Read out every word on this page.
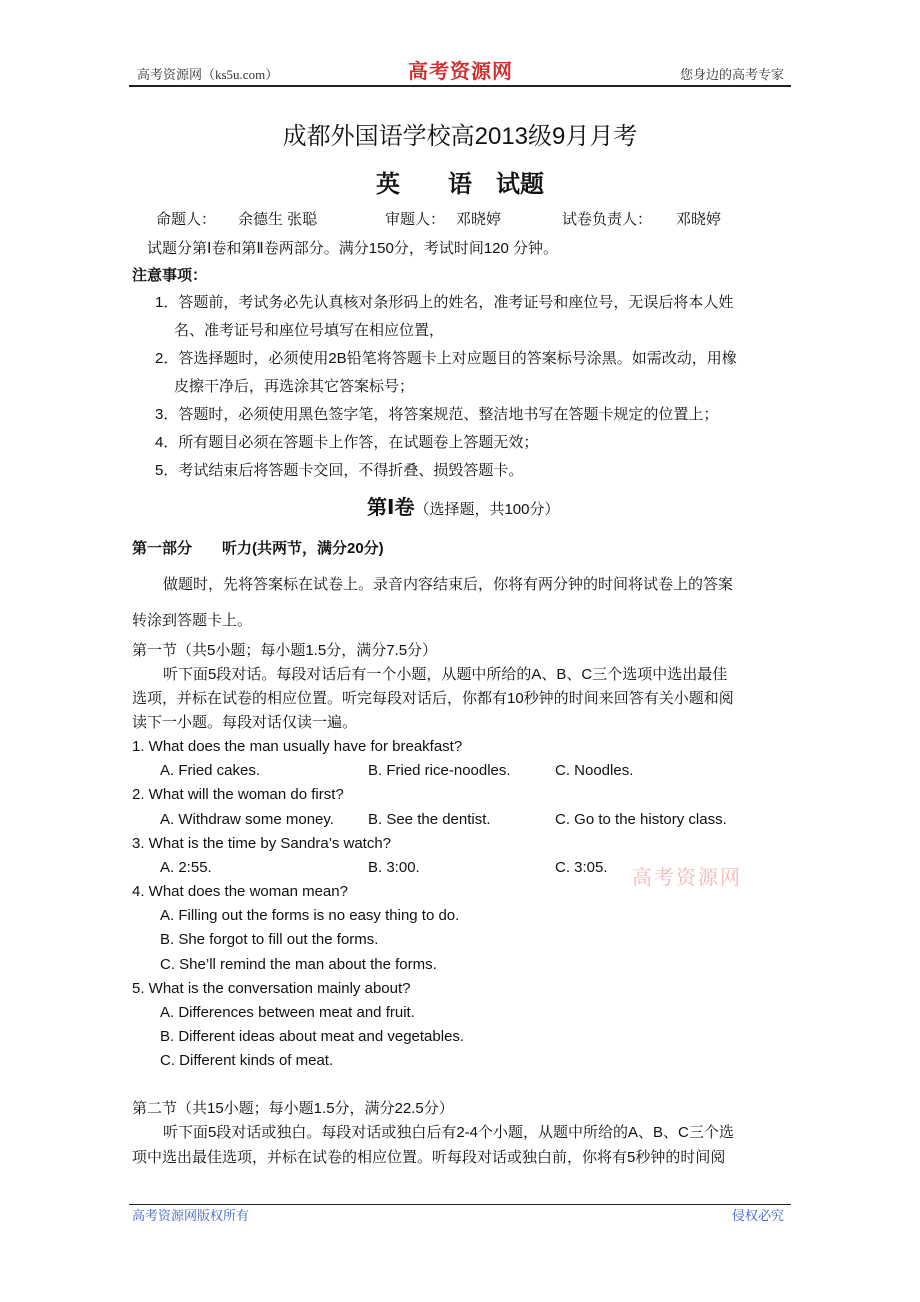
高考资源网（ks5u.com）	高考资源网	您身边的高考专家
成都外国语学校高2013级9月月考
英　　语　试题
命题人： 余德生 张聪	审题人： 邓晓婷	试卷负责人： 邓晓婷
试题分第Ⅰ卷和第Ⅱ卷两部分。满分150分，考试时间120 分钟。
注意事项：
1．答题前，考试务必先认真核对条形码上的姓名，准考证号和座位号，无误后将本人姓
名、准考证号和座位号填写在相应位置，
2．答选择题时，必须使用2B铅笔将答题卡上对应题目的答案标号涂黑。如需改动，用橡
皮擦干净后，再选涂其它答案标号；
3．答题时，必须使用黑色签字笔，将答案规范、整洁地书写在答题卡规定的位置上；
4．所有题目必须在答题卡上作答，在试题卷上答题无效；
5．考试结束后将答题卡交回，不得折叠、损毁答题卡。
第Ⅰ卷（选择题，共100分）
第一部分　　听力(共两节，满分20分)
做题时，先将答案标在试卷上。录音内容结束后，你将有两分钟的时间将试卷上的答案
转涂到答题卡上。
第一节（共5小题；每小题1.5分，满分7.5分）
听下面5段对话。每段对话后有一个小题，从题中所给的A、B、C三个选项中选出最佳
选项，并标在试卷的相应位置。听完每段对话后，你都有10秒钟的时间来回答有关小题和阅
读下一小题。每段对话仅读一遍。
1. What does the man usually have for breakfast?
A. Fried cakes.	B. Fried rice-noodles.	C. Noodles.
2. What will the woman do first?
A. Withdraw some money. B. See the dentist.	C. Go to the history class.
3. What is the time by Sandra’s watch?
A. 2:55.	B. 3:00.	C. 3:05. 高考资源网
4. What does the woman mean?
A. Filling out the forms is no easy thing to do.
B. She forgot to fill out the forms.
C. She’ll remind the man about the forms.
5. What is the conversation mainly about?
A. Differences between meat and fruit.
B. Different ideas about meat and vegetables.
C. Different kinds of meat.
第二节（共15小题；每小题1.5分，满分22.5分）
听下面5段对话或独白。每段对话或独白后有2-4个小题，从题中所给的A、B、C三个选
项中选出最佳选项，并标在试卷的相应位置。听每段对话或独白前，你将有5秒钟的时间阅
高考资源网版权所有	侵权必究
